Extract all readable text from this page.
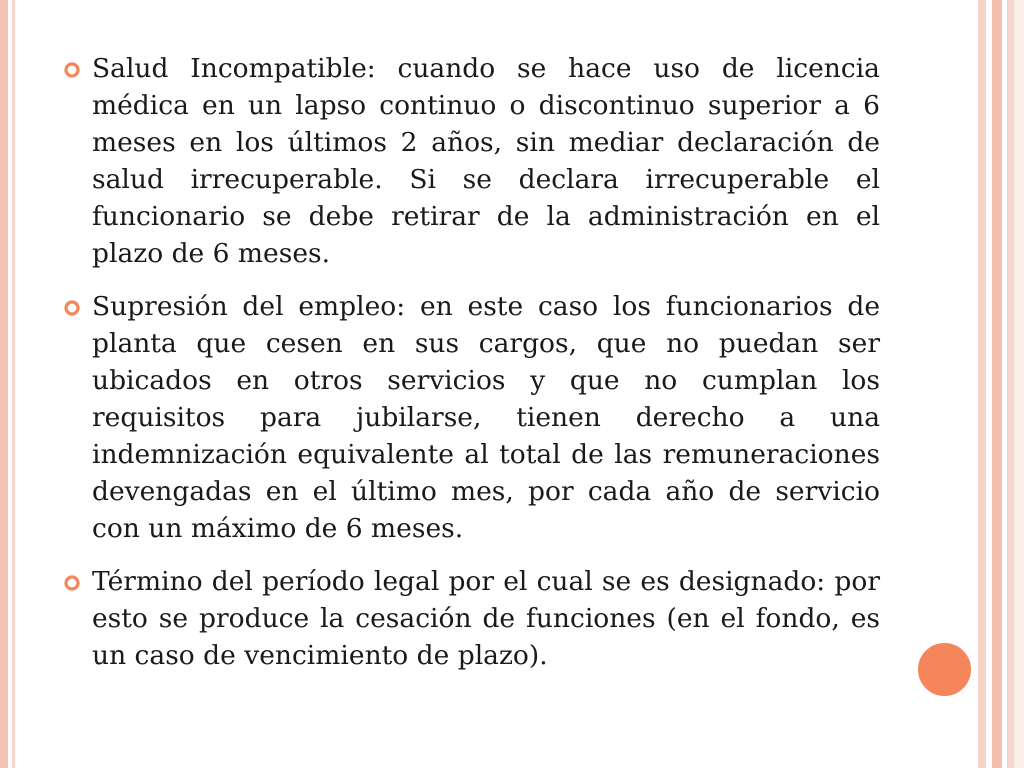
Salud Incompatible: cuando se hace uso de licencia médica en un lapso continuo o discontinuo superior a 6 meses en los últimos 2 años, sin mediar declaración de salud irrecuperable. Si se declara irrecuperable el funcionario se debe retirar de la administración en el plazo de 6 meses.
Supresión del empleo: en este caso los funcionarios de planta que cesen en sus cargos, que no puedan ser ubicados en otros servicios y que no cumplan los requisitos para jubilarse, tienen derecho a una indemnización equivalente al total de las remuneraciones devengadas en el último mes, por cada año de servicio con un máximo de 6 meses.
Término del período legal por el cual se es designado: por esto se produce la cesación de funciones (en el fondo, es un caso de vencimiento de plazo).
